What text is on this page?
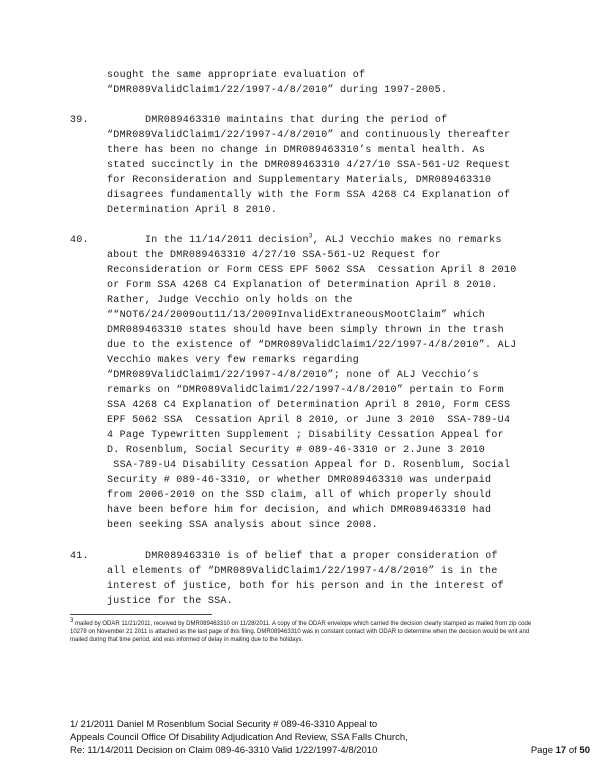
sought the same appropriate evaluation of
“DMR089ValidClaim1/22/1997-4/8/2010” during 1997-2005.
39.	DMR089463310 maintains that during the period of
“DMR089ValidClaim1/22/1997-4/8/2010” and continuously thereafter
there has been no change in DMR089463310’s mental health. As
stated succinctly in the DMR089463310 4/27/10 SSA-561-U2 Request
for Reconsideration and Supplementary Materials, DMR089463310
disagrees fundamentally with the Form SSA 4268 C4 Explanation of
Determination April 8 2010.
40.	In the 11/14/2011 decision$^3$, ALJ Vecchio makes no remarks
about the DMR089463310 4/27/10 SSA-561-U2 Request for
Reconsideration or Form CESS EPF 5062 SSA  Cessation April 8 2010
or Form SSA 4268 C4 Explanation of Determination April 8 2010.
Rather, Judge Vecchio only holds on the
““NOT6/24/2009out11/13/2009InvalidExtraneousMootClaim” which
DMR089463310 states should have been simply thrown in the trash
due to the existence of “DMR089ValidClaim1/22/1997-4/8/2010”. ALJ
Vecchio makes very few remarks regarding
“DMR089ValidClaim1/22/1997-4/8/2010”; none of ALJ Vecchio’s
remarks on “DMR089ValidClaim1/22/1997-4/8/2010” pertain to Form
SSA 4268 C4 Explanation of Determination April 8 2010, Form CESS
EPF 5062 SSA  Cessation April 8 2010, or June 3 2010  SSA-789-U4
4 Page Typewritten Supplement ; Disability Cessation Appeal for
D. Rosenblum, Social Security # 089-46-3310 or 2.June 3 2010
SSA-789-U4 Disability Cessation Appeal for D. Rosenblum, Social
Security # 089-46-3310, or whether DMR089463310 was underpaid
from 2006-2010 on the SSD claim, all of which properly should
have been before him for decision, and which DMR089463310 had
been seeking SSA analysis about since 2008.
41.	DMR089463310 is of belief that a proper consideration of
all elements of “DMR089ValidClaim1/22/1997-4/8/2010” is in the
interest of justice, both for his person and in the interest of
justice for the SSA.
$^3$ mailed by ODAR 11/21/2011, received by DMR089463310 on 11/28/2011. A copy of the ODAR envelope which carried the decision clearly stamped as mailed from zip code 10278 on November 21 2011 is attached as the last page of this filing. DMR089463310 was in constant contact with ODAR to determine when the decision would be writ and mailed during that time period, and was informed of delay in mailing due to the holidays.
1/ 21/2011 Daniel M Rosenblum Social Security # 089-46-3310 Appeal to
Appeals Council Office Of Disability Adjudication And Review, SSA Falls Church,
Re: 11/14/2011 Decision on Claim 089-46-3310 Valid 1/22/1997-4/8/2010	Page 17 of 50
